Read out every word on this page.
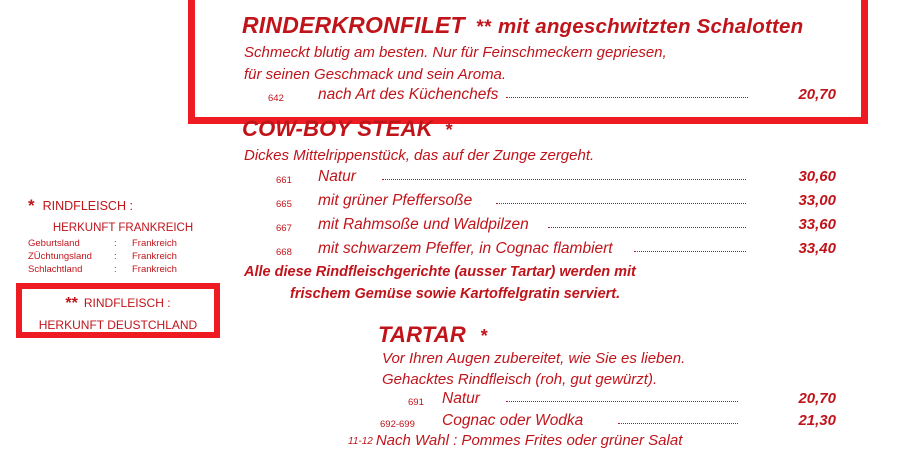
* RINDFLEISCH :
HERKUNFT FRANKREICH
Geburtsland	:	Frankreich
ZÜchtungsland	:	Frankreich
Schlachtland	:	Frankreich
** RINDFLEISCH :
HERKUNFT DEUSTCHLAND
RINDERKRONFILET ** mit angeschwitzten Schalotten
Schmeckt blutig am besten. Nur für Feinschmeckern gepriesen,
für seinen Geschmack und sein Aroma.
642 nach Art des Küchenchefs	20,70
COW-BOY STEAK *
Dickes Mittelrippenstück, das auf der Zunge zergeht.
661 Natur	30,60
665 mit grüner Pfeffersoße	33,00
667 mit Rahmsoße und Waldpilzen	33,60
668 mit schwarzem Pfeffer, in Cognac flambiert	33,40
Alle diese Rindfleischgerichte (ausser Tartar) werden mit
frischem Gemüse sowie Kartoffelgratin serviert.
TARTAR *
Vor Ihren Augen zubereitet, wie Sie es lieben.
Gehacktes Rindfleisch (roh, gut gewürzt).
691 Natur	20,70
692-699 Cognac oder Wodka	21,30
11-12 Nach Wahl : Pommes Frites oder grüner Salat
